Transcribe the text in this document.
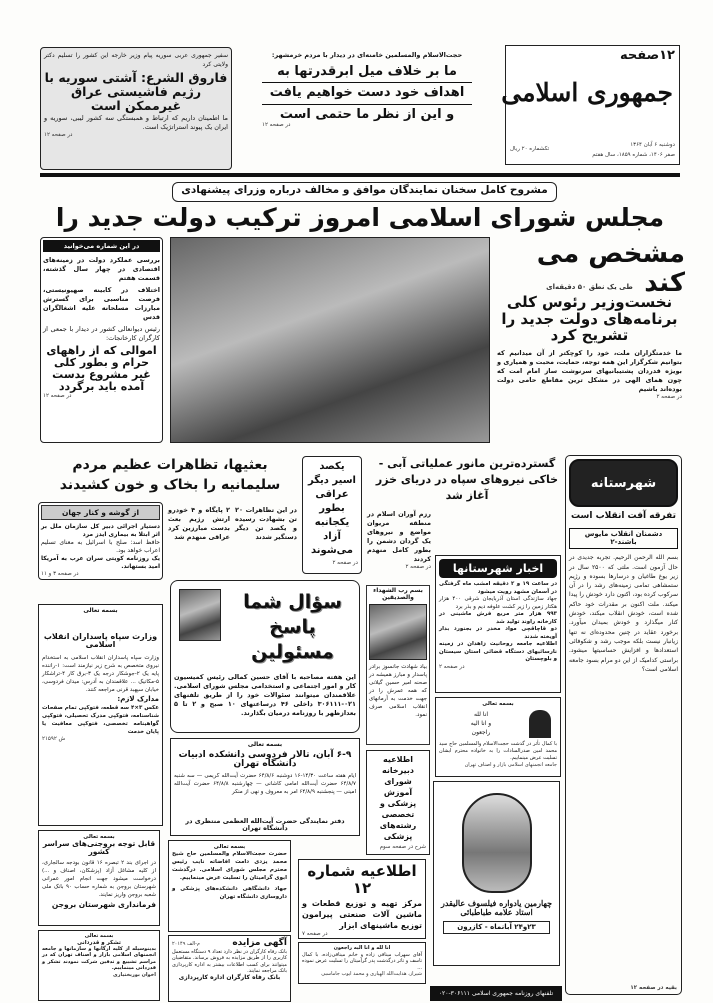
۱۲صفحه
جمهوری اسلامی
دوشنبه ۶ آبان ۱۳۶۴
صفر ۱۴۰۶، شماره ۱۸۵۹، سال هفتم
تکشماره ۲۰ ریال
حجت‌الاسلام والمسلمین خامنه‌ای در دیدار با مردم خرمشهر:
ما بر خلاف میل ابرقدرتها به
اهداف خود دست خواهیم یافت
و این از نظر ما حتمی است
در صفحه ۱۲
سفیر جمهوری عربی سوریه پیام وزیر خارجه این کشور را تسلیم دکتر ولایتی کرد
فاروق الشرع: آشتی سوریه با رژیم فاشیستی عراق غیرممکن است
ما اطمینان داریم که ارتباط و همبستگی سه کشور لیبی، سوریه و ایران یک پیوند استراتژیک است.
در صفحه ۱۲
مشروح کامل سخنان نمایندگان موافق و مخالف درباره وزرای پیشنهادی
مجلس شورای اسلامی امروز ترکیب دولت جدید را
مشخص می کند
در این شماره می‌خوانید
بررسی عملکرد دولت در زمینه‌های اقتصادی در چهار سال گذشته، قسمت هفتم
اختلاف در کابینه صهیونیستی، فرصت مناسبی برای گسترش مبارزات مسلحانه علیه اشغالگران قدس
رئیس دیوانعالی کشور در دیدار با جمعی از کارگران کارخانجات:
اموالی که از راههای حرام و بطور کلی غیر مشروع بدست آمده باید برگردد
در صفحه ۱۲
طی یک نطق ۵۰ دقیقه‌ای
نخست‌وزیر رئوس کلی برنامه‌های دولت جدید را تشریح کرد
ما خدمتگزاران ملت، خود را کوچکتر از آن میدانیم که بتوانیم شکرگزار این همه توجه، حمایت، محبت و همیاری و بویژه قدردان پشتیبانیهای سرنوشت ساز امام امت که چون همای الهی در مشکل ترین مقاطع حامی دولت بوده‌اند باشیم
در صفحه ۲
بعثیها، تظاهرات عظیم مردم سلیمانیه را بخاک و خون کشیدند
یکصد اسیر دیگر عراقی بطور یکجانبه آزاد می‌شوند
در صفحه ۲
گسترده‌ترین مانور عملیاتی آبی - خاکی نیروهای سپاه در دریای خزر آغاز شد
در این تظاهرات ۲۰ تن بشهادت رسیده و یکصد تن دیگر دستگیر شدند
۲ پایگاه و ۴ خودرو ارتش رژیم بعث بدست مبارزین کرد عراقی منهدم شد
رزم آوران اسلام در منطقه مریوان مواضع و نیروهای یک گردان دشمن را بطور کامل منهدم کردند
در صفحه ۲
از گوشه و کنار جهان
دستیار اجرائی دبیر کل سازمان ملل بر اثر ابتلا به بیماری ایدز مرد
حافظ اسد: صلح با اسرائیل به معنای تسلیم اعراب خواهد بود.
یک روزنامه کویتی سران عرب به آمریکا امید بستهاند.
در صفحه ۳ و ۱۱
سؤال شما پاسخ مسئولین
این هفته مصاحبه با آقای حسین کمالی رئیس کمیسیون کار و امور اجتماعی و استخدامی مجلس شورای اسلامی. علاقمندان میتوانند سئوالات خود را از طریق تلفنهای ۰۲۱-۳۰۶۱۱۱ داخلی ۴۶ درساعتهای ۱۰ صبح و ۲ تا ۵ بعدازظهر با روزنامه درمیان بگذارند.
بسم رب الشهداء والصدیقین
بیاد شهادت جانسوز برادر پاسدار و مبارز همیشه در صحنه امیر حسین گیلانی که همه عمرش را در جهت خدمت به آرمانهای انقلاب اسلامی صرف نمود.
اخبار شهرستانها
در ساعت ۱۹ و ۲ دقیقه امشب ماه گرفتگی در آسمان مشهد رویت میشود
جهاد سازندگی استان آذربایجان شرقی ۴۰۰ هزار هکتار زمین را زیر کشت علوفه دیم و بذر برد
۹۹۳ هزار متر مربع فرش ماشینی در کارخانه راوند تولید شد
دو قاچاقچی مواد مخدر در بجنورد بدار آویخته شدند
اطلاعیه جامعه روحانیت زاهدان در زمینه نارسائیهای دستگاه قضائی استان سیستان و بلوچستان
در صفحه ۲
شهرستانه
تفرقه آفت انقلاب است
دشمنان انقلاب مایوس باشند-۲
بسم الله الرحمن الرحیم. تجربه جدیدی در حال آزمون است. ملتی که ۲۵۰۰ سال در زیر یوغ طاغیان و درسارها بسوده و رژیم ستمشاهی تمامی زمینه‌های رشد را در آن سرکوب کرده بود، اکنون دارد خودش را پیدا میکند. ملت اکنون بر مقدرات خود حاکم شده است، خودش انقلاب میکند، خودش کنار میگذارد و خودش بمیدان میآورد. برخورد عقاید در چنین محدوده‌ای نه تنها زیانبار نیست بلکه موجب رشد و شکوفائی استعدادها و افزایش حساسیتها میشود. براستی کدامیک از این دو مرام بسود جامعه اسلامی است؟
بقیه در صفحه ۱۲
بسمه تعالی
وزارت سپاه پاسداران انقلاب اسلامی
وزارت سپاه پاسداران انقلاب اسلامی به استخدام نیروی متخصص به شرح زیر نیازمند است: ۱-راننده پایه یک ۲-جوشکار درجه یک ۳-برق کار ۴-تراشکار ۵-مکانیک ... علاقمندان به آدرس: میدان فردوسی، خیابان سپهبد قرنی مراجعه کنند.
مدارک لازم:
عکس ۳×۴ سه قطعه، فتوکپی تمام صفحات شناسنامه، فتوکپی مدرک تحصیلی، فتوکپی گواهینامه تخصصی، فتوکپی معافیت یا پایان خدمت
ش ۲۱۵۹۲
بسمه تعالی
۶-۹ آبان، تالار فردوسی دانشکده ادبیات دانشگاه تهران
ایام هفته ساعت ۱۴/۳۰-۱۶ دوشنبه ۶۴/۸/۶ حضرت آیت‌الله کریمی — سه شنبه ۶۴/۸/۷ حضرت آیت‌الله امامی کاشانی — چهارشنبه ۶۴/۸/۸ حضرت آیت‌الله امینی — پنجشنبه ۶۴/۸/۹ امر به معروف و نهی از منکر
دفتر نمایندگی حضرت آیت‌الله العظمی منتظری در دانشگاه تهران
اطلاعیه دبیرخانه شورای آموزش پزشکی و تخصصی رشته‌های پزشکی
شرح در صفحه سوم
بسمه تعالی
انا لله
و انا الیه
راجعون
با کمال تأثر در گذشت حجت‌الاسلام والمسلمین حاج سید محمد امین صدرالسادات را به خانواده محترم ایشان تسلیت عرض مینماییم.
جامعه انجمنهای اسلامی بازار و اصناف تهران
چهارمین یادواره فیلسوف عالیقدر استاد علامه طباطبائی
۲۳و۲۴ آبانماه - کازرون
بسمه تعالی
قابل توجه بروجنی‌های سراسر کشور
در اجرای بند ۲ تبصره ۱۶ قانون بودجه سالجاری، از کلیه مشاغل آزاد (پزشکان، اصناف و ...) درخواست میشود جهت انجام امور عمرانی شهرستان بروجن به شماره حساب ۹۰ بانک ملی شعبه بروجن واریز نمایند.
فرمانداری شهرستان بروجن
بسمه تعالی
حضرت حجت‌الاسلام والمسلمین حاج شیخ محمد یزدی دامت افاضاته نایب رئیس محترم مجلس شورای اسلامی. درگذشت ابوی گرامیتان را تسلیت عرض مینماییم.
جهاد دانشگاهی دانشکده‌های پزشکی و داروسازی دانشگاه تهران
اطلاعیه شماره ۱۲
مرکز تهیه و توزیع قطعات و ماشین آلات صنعتی پیرامون توزیع ماشینهای ابزار
در صفحه ۷
بسمه تعالی
تشکر و قدردانی
بدینوسیله از کلیه ارگانها و سازمانها و جامعه انجمنهای اسلامی بازار و اصناف تهران که در مراسم تشییع و تدفین شرکت نمودند تشکر و قدردانی مینماییم.
اخوان بوربختیاری
آگهی مزایده
م-الف ۲۰۱۴۹
بانک رفاه کارگران در نظر دارد تعداد ۹ دستگاه مستعمل کاربری را از طریق مزایده به فروش برساند. متقاضیان میتوانند برای کسب اطلاعات بیشتر به اداره کارپردازی بانک مراجعه نمایند.
بانک رفاه کارگران اداره کارپردازی
انا لله و انا الیه راجعون
آقای سهراب میناقی زاده و خانم میناقی‌زاده، با کمال تاسف و تاثر درگذشت پدر گرامیتان را تسلیت عرض نموده ...
شیراز، هدایت‌الله الهیاری و محمد ایوب جاماسبی
تلفنهای روزنامه جمهوری اسلامی ۳۰۶۱۱۱-۰۲۰
